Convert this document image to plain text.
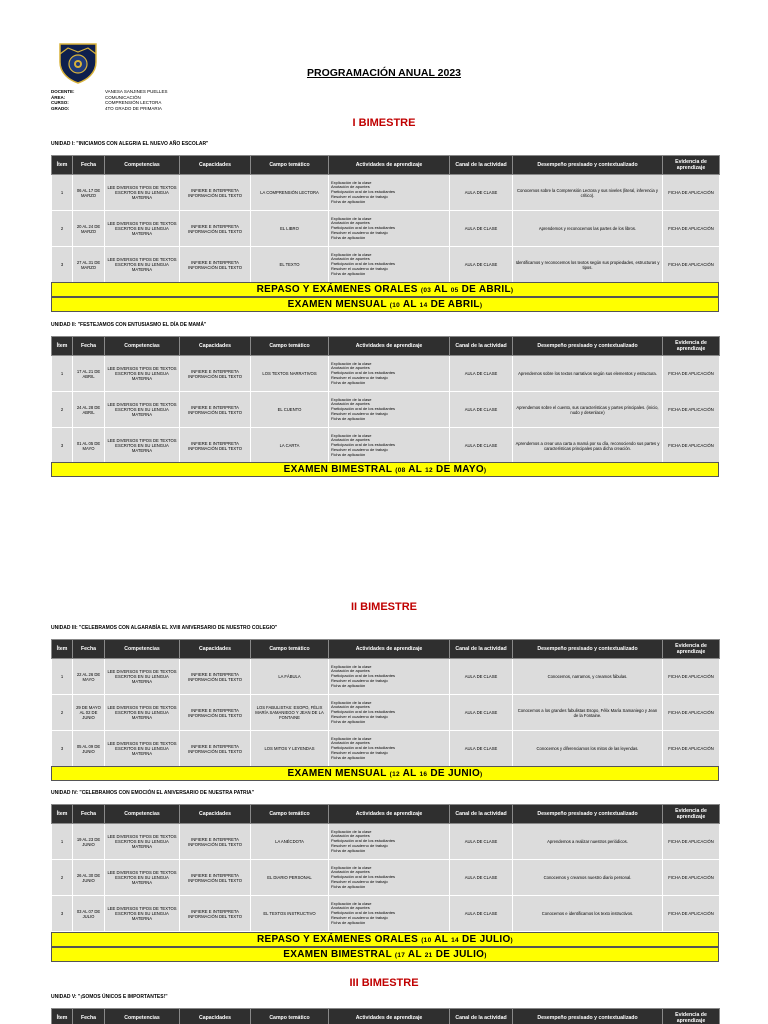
PROGRAMACIÓN ANUAL 2023
DOCENTE:	VANESA SANJINES PUELLES
ÁREA:	COMUNICACIÓN
CURSO:	COMPRENSIÓN LECTORA
GRADO:	4TO GRADO DE PRIMARIA
I BIMESTRE
II BIMESTRE
III BIMESTRE
UNIDAD I: "INICIAMOS CON ALEGRIA EL NUEVO AÑO ESCOLAR"
UNIDAD II: "FESTEJAMOS CON ENTUSIASMO EL DÍA DE MAMÁ"
UNIDAD III: "CELEBRAMOS CON ALGARABÍA EL XVIII ANIVERSARIO DE NUESTRO COLEGIO"
UNIDAD IV: "CELEBRAMOS CON EMOCIÓN EL ANIVERSARIO DE NUESTRA PATRIA"
UNIDAD V: "¡SOMOS ÚNICOS E IMPORTANTES!"
Ítem	Fecha	Competencias	Capacidades	Campo temático	Actividades de aprendizaje	Canal de la actividad	Desempeño presisado y contextualizado	Evidencia de aprendizaje
1	06 AL 17 DE MARZO	LEE DIVERSOS TIPOS DE TEXTOS ESCRITOS EN SU LENGUA MATERNA	INFIERE E INTERPRETA INFORMACIÓN DEL TEXTO	LA COMPRENSIÓN LECTORA	Explicación de la clase
Anotación de apuntes
Participación oral de los estudiantes
Resolver el cuaderno de trabajo
Ficha de aplicación	AULA DE CLASE	Conocemos sobre la Comprensión Lectora y sus niveles (literal, inferencia y crítico).	FICHA DE APLICACIÓN
2	20 AL 24 DE MARZO	LEE DIVERSOS TIPOS DE TEXTOS ESCRITOS EN SU LENGUA MATERNA	INFIERE E INTERPRETA INFORMACIÓN DEL TEXTO	EL LIBRO	Explicación de la clase
Anotación de apuntes
Participación oral de los estudiantes
Resolver el cuaderno de trabajo
Ficha de aplicación	AULA DE CLASE	Aprendemos y reconocemos las partes de los libros.	FICHA DE APLICACIÓN
3	27 AL 31 DE MARZO	LEE DIVERSOS TIPOS DE TEXTOS ESCRITOS EN SU LENGUA MATERNA	INFIERE E INTERPRETA INFORMACIÓN DEL TEXTO	EL TEXTO	Explicación de la clase
Anotación de apuntes
Participación oral de los estudiantes
Resolver el cuaderno de trabajo
Ficha de aplicación	AULA DE CLASE	Identificamos y reconocemos los textos según sus propiedades, estructuras y tipos.	FICHA DE APLICACIÓN
Ítem	Fecha	Competencias	Capacidades	Campo temático	Actividades de aprendizaje	Canal de la actividad	Desempeño presisado y contextualizado	Evidencia de aprendizaje
1	17 AL 21 DE ABRIL	LEE DIVERSOS TIPOS DE TEXTOS ESCRITOS EN SU LENGUA MATERNA	INFIERE E INTERPRETA INFORMACIÓN DEL TEXTO	LOS TEXTOS NARRATIVOS	Explicación de la clase
Anotación de apuntes
Participación oral de los estudiantes
Resolver el cuaderno de trabajo
Ficha de aplicación	AULA DE CLASE	Aprendemos sobre los textos narrativos según sus elementos y estructura.	FICHA DE APLICACIÓN
2	24 AL 28 DE ABRIL	LEE DIVERSOS TIPOS DE TEXTOS ESCRITOS EN SU LENGUA MATERNA	INFIERE E INTERPRETA INFORMACIÓN DEL TEXTO	EL CUENTO	Explicación de la clase
Anotación de apuntes
Participación oral de los estudiantes
Resolver el cuaderno de trabajo
Ficha de aplicación	AULA DE CLASE	Aprendemos sobre el cuento, sus características y partes principales. (inicio, nudo y desenlace)	FICHA DE APLICACIÓN
3	01 AL 05 DE MAYO	LEE DIVERSOS TIPOS DE TEXTOS ESCRITOS EN SU LENGUA MATERNA	INFIERE E INTERPRETA INFORMACIÓN DEL TEXTO	LA CARTA	Explicación de la clase
Anotación de apuntes
Participación oral de los estudiantes
Resolver el cuaderno de trabajo
Ficha de aplicación	AULA DE CLASE	Aprendemos a crear una carta a mamá por su día, reconociendo sus partes y características principales para dicha creación.	FICHA DE APLICACIÓN
Ítem	Fecha	Competencias	Capacidades	Campo temático	Actividades de aprendizaje	Canal de la actividad	Desempeño presisado y contextualizado	Evidencia de aprendizaje
1	22 AL 26 DE MAYO	LEE DIVERSOS TIPOS DE TEXTOS ESCRITOS EN SU LENGUA MATERNA	INFIERE E INTERPRETA INFORMACIÓN DEL TEXTO	LA FÁBULA	Explicación de la clase
Anotación de apuntes
Participación oral de los estudiantes
Resolver el cuaderno de trabajo
Ficha de aplicación	AULA DE CLASE	Conocemos, narramos, y creamos fábulas.	FICHA DE APLICACIÓN
2	29 DE MAYO AL 02 DE JUNIO	LEE DIVERSOS TIPOS DE TEXTOS ESCRITOS EN SU LENGUA MATERNA	INFIERE E INTERPRETA INFORMACIÓN DEL TEXTO	LOS FABULISTAS: ESOPO, FÉLIX MARÍA SAMANIEGO Y JEAN DE LA FONTAINE	Explicación de la clase
Anotación de apuntes
Participación oral de los estudiantes
Resolver el cuaderno de trabajo
Ficha de aplicación	AULA DE CLASE	Conocemos a los grandes fabulistas Esopo, Félix María Samaniego y Jean de la Fontaine.	FICHA DE APLICACIÓN
3	05 AL 09 DE JUNIO	LEE DIVERSOS TIPOS DE TEXTOS ESCRITOS EN SU LENGUA MATERNA	INFIERE E INTERPRETA INFORMACIÓN DEL TEXTO	LOS MITOS Y LEYENDAS	Explicación de la clase
Anotación de apuntes
Participación oral de los estudiantes
Resolver el cuaderno de trabajo
Ficha de aplicación	AULA DE CLASE	Conocemos y diferenciamos los mitos de las leyendas.	FICHA DE APLICACIÓN
Ítem	Fecha	Competencias	Capacidades	Campo temático	Actividades de aprendizaje	Canal de la actividad	Desempeño presisado y contextualizado	Evidencia de aprendizaje
1	19 AL 23 DE JUNIO	LEE DIVERSOS TIPOS DE TEXTOS ESCRITOS EN SU LENGUA MATERNA	INFIERE E INTERPRETA INFORMACIÓN DEL TEXTO	LA ANÉCDOTA	Explicación de la clase
Anotación de apuntes
Participación oral de los estudiantes
Resolver el cuaderno de trabajo
Ficha de aplicación	AULA DE CLASE	Aprendemos a realizar nuestros periódicos.	FICHA DE APLICACIÓN
2	26 AL 30 DE JUNIO	LEE DIVERSOS TIPOS DE TEXTOS ESCRITOS EN SU LENGUA MATERNA	INFIERE E INTERPRETA INFORMACIÓN DEL TEXTO	EL DIARIO PERSONAL	Explicación de la clase
Anotación de apuntes
Participación oral de los estudiantes
Resolver el cuaderno de trabajo
Ficha de aplicación	AULA DE CLASE	Conocemos y creamos nuestro diario personal.	FICHA DE APLICACIÓN
3	03 AL 07 DE JULIO	LEE DIVERSOS TIPOS DE TEXTOS ESCRITOS EN SU LENGUA MATERNA	INFIERE E INTERPRETA INFORMACIÓN DEL TEXTO	EL TEXTOS INSTRUCTIVO	Explicación de la clase
Anotación de apuntes
Participación oral de los estudiantes
Resolver el cuaderno de trabajo
Ficha de aplicación	AULA DE CLASE	Conocemos e identificamos los texto instructivos.	FICHA DE APLICACIÓN
Ítem	Fecha	Competencias	Capacidades	Campo temático	Actividades de aprendizaje	Canal de la actividad	Desempeño presisado y contextualizado	Evidencia de aprendizaje
REPASO Y EXÁMENES ORALES (03 AL 05 DE ABRIL)
EXAMEN MENSUAL (10 AL 14 DE ABRIL)
EXAMEN BIMESTRAL (08 AL 12 DE MAYO)
EXAMEN MENSUAL (12 AL 16 DE JUNIO)
REPASO Y EXÁMENES ORALES (10 AL 14 DE JULIO)
EXAMEN BIMESTRAL (17 AL 21 DE JULIO)
